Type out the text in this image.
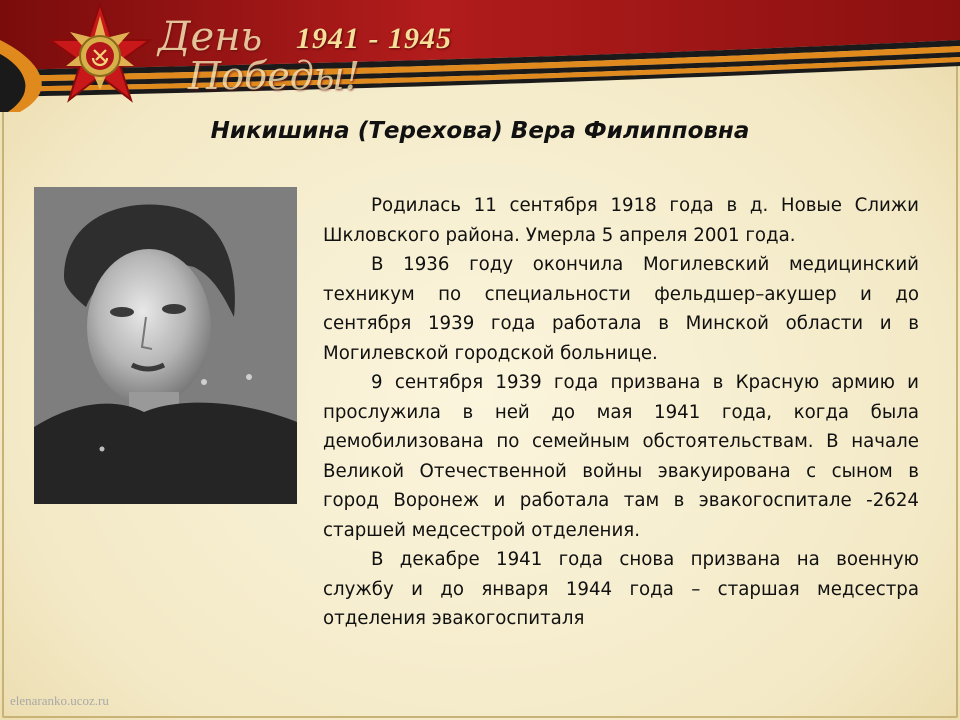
День
Победы!
1941 - 1945
Никишина (Терехова) Вера Филипповна

Родилась 11 сентября 1918 года в д. Новые Слижи Шкловского района. Умерла 5 апреля 2001 года.

В 1936 году окончила Могилевский медицинский техникум по специальности фельдшер–акушер и до сентября 1939 года работала в Минской области и в Могилевской городской больнице.

9 сентября 1939 года призвана в Красную армию и прослужила в ней до мая 1941 года, когда была демобилизована по семейным обстоятельствам. В начале Великой Отечественной войны эвакуирована с сыном в город Воронеж и работала там в эвакогоспитале -2624 старшей медсестрой отделения.

В декабре 1941 года снова призвана на военную службу и до января 1944 года – старшая медсестра отделения эвакогоспиталя

elenaranko.ucoz.ru
